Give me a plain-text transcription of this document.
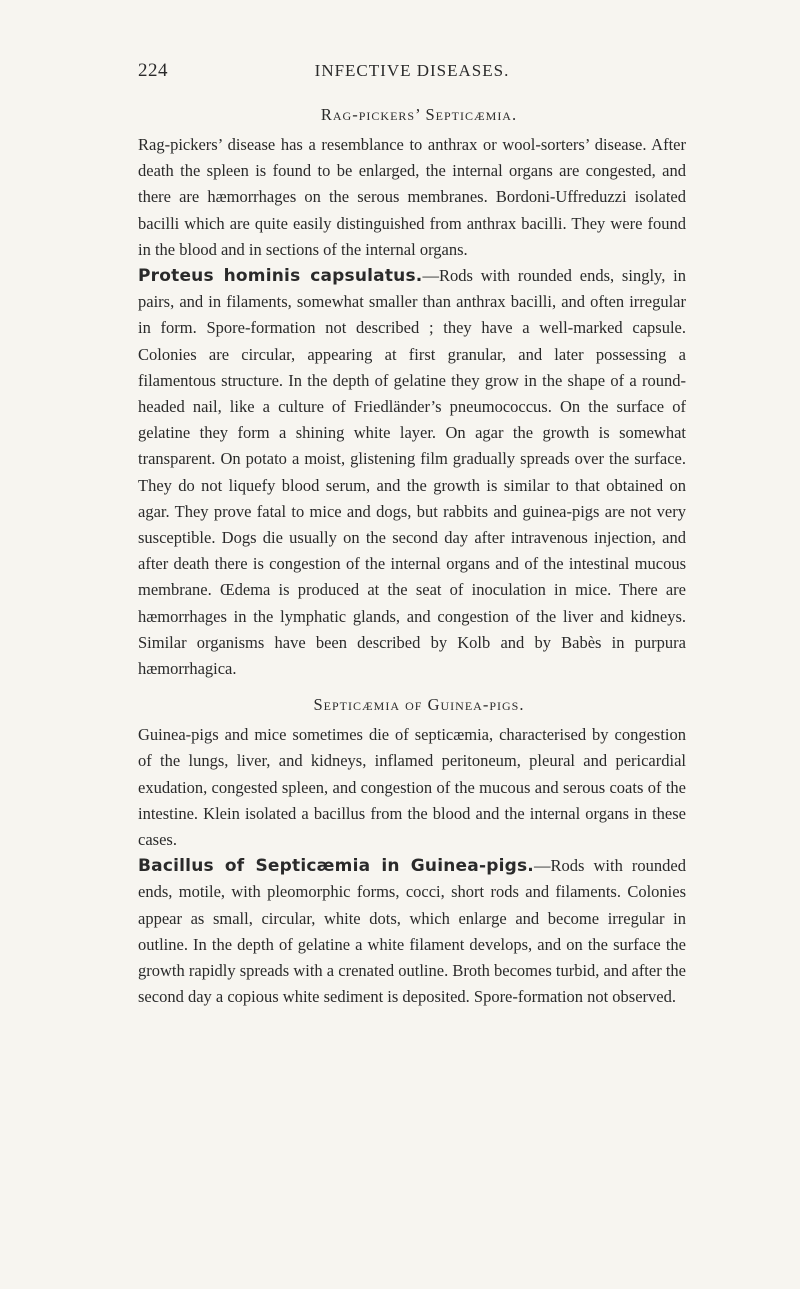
224	INFECTIVE DISEASES.
Rag-pickers’ Septicæmia.

Rag-pickers’ disease has a resemblance to anthrax or wool-sorters’ disease. After death the spleen is found to be enlarged, the internal organs are congested, and there are hæmorrhages on the serous membranes. Bordoni-Uffreduzzi isolated bacilli which are quite easily distinguished from anthrax bacilli. They were found in the blood and in sections of the internal organs.

Proteus hominis capsulatus.—Rods with rounded ends, singly, in pairs, and in filaments, somewhat smaller than anthrax bacilli, and often irregular in form. Spore-formation not described ; they have a well-marked capsule. Colonies are circular, appearing at first granular, and later possessing a filamentous structure. In the depth of gelatine they grow in the shape of a round-headed nail, like a culture of Friedländer’s pneumococcus. On the surface of gelatine they form a shining white layer. On agar the growth is somewhat transparent. On potato a moist, glistening film gradually spreads over the surface. They do not liquefy blood serum, and the growth is similar to that obtained on agar. They prove fatal to mice and dogs, but rabbits and guinea-pigs are not very susceptible. Dogs die usually on the second day after intravenous injection, and after death there is congestion of the internal organs and of the intestinal mucous membrane. Œdema is produced at the seat of inoculation in mice. There are hæmorrhages in the lymphatic glands, and congestion of the liver and kidneys. Similar organisms have been described by Kolb and by Babès in purpura hæmorrhagica.

Septicæmia of Guinea-pigs.

Guinea-pigs and mice sometimes die of septicæmia, characterised by congestion of the lungs, liver, and kidneys, inflamed peritoneum, pleural and pericardial exudation, congested spleen, and congestion of the mucous and serous coats of the intestine. Klein isolated a bacillus from the blood and the internal organs in these cases.

Bacillus of Septicæmia in Guinea-pigs.—Rods with rounded ends, motile, with pleomorphic forms, cocci, short rods and filaments. Colonies appear as small, circular, white dots, which enlarge and become irregular in outline. In the depth of gelatine a white filament develops, and on the surface the growth rapidly spreads with a crenated outline. Broth becomes turbid, and after the second day a copious white sediment is deposited. Spore-formation not observed.
